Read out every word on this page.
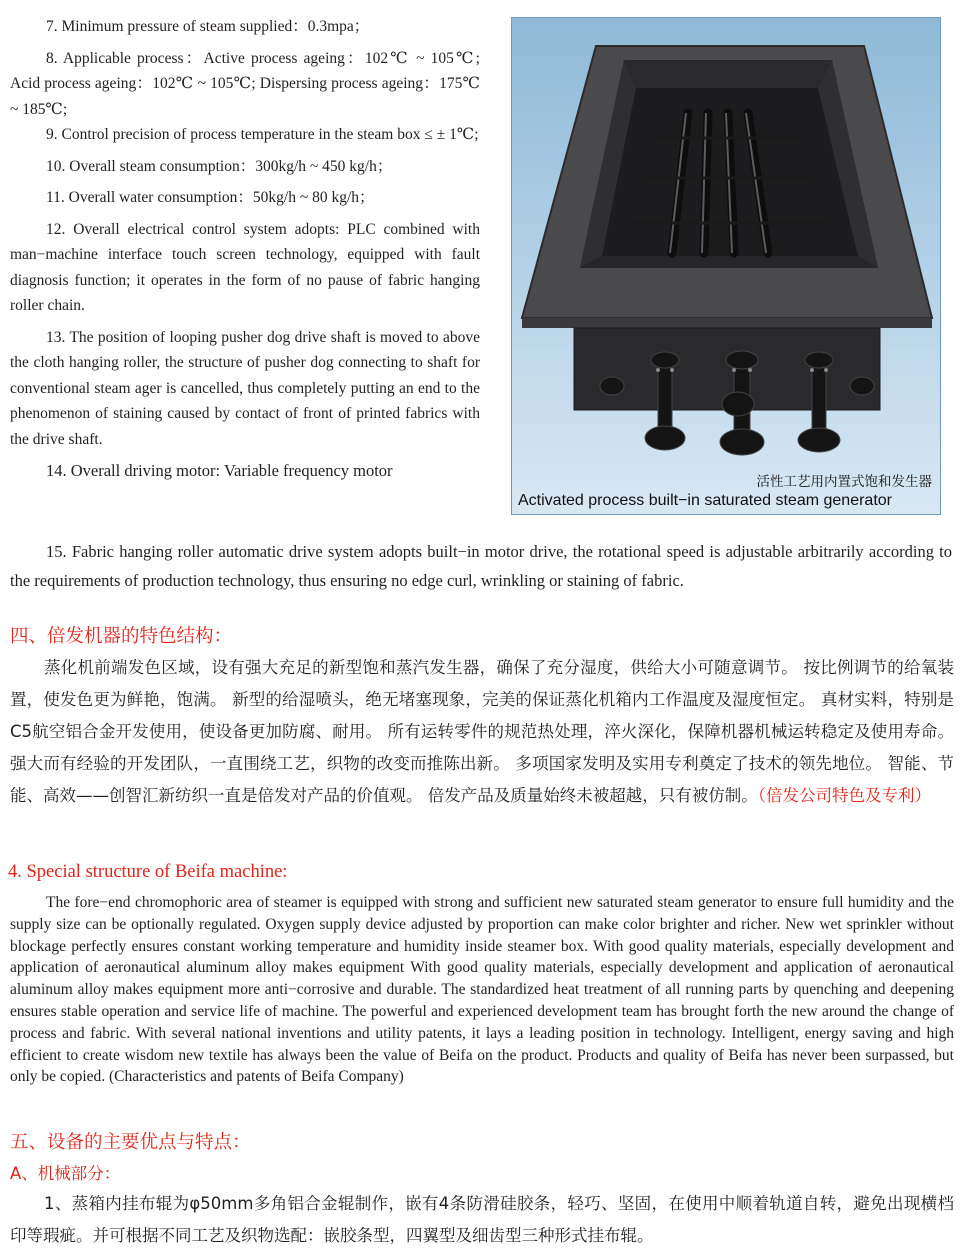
7. Minimum pressure of steam supplied：0.3mpa；

8. Applicable process：Active process ageing：102℃ ~ 105℃; Acid process ageing：102℃ ~ 105℃; Dispersing process ageing：175℃ ~ 185℃;

9. Control precision of process temperature in the steam box ≤ ± 1℃;

10. Overall steam consumption：300kg/h ~ 450 kg/h；

11. Overall water consumption：50kg/h ~ 80 kg/h；

12. Overall electrical control system adopts: PLC combined with man−machine interface touch screen technology, equipped with fault diagnosis function; it operates in the form of no pause of fabric hanging roller chain.

13. The position of looping pusher dog drive shaft is moved to above the cloth hanging roller, the structure of pusher dog connecting to shaft for conventional steam ager is cancelled, thus completely putting an end to the phenomenon of staining caused by contact of front of printed fabrics with the drive shaft.

14. Overall driving motor: Variable frequency motor

15. Fabric hanging roller automatic drive system adopts built−in motor drive, the rotational speed is adjustable arbitrarily according to the requirements of production technology, thus ensuring no edge curl, wrinkling or staining of fabric.

活性工艺用内置式饱和发生器
Activated process built−in saturated steam generator
四、倍发机器的特色结构：

蒸化机前端发色区域，设有强大充足的新型饱和蒸汽发生器，确保了充分湿度，供给大小可随意调节。 按比例调节的给氧装置，使发色更为鲜艳，饱满。 新型的给湿喷头，绝无堵塞现象，完美的保证蒸化机箱内工作温度及湿度恒定。 真材实料，特别是C5航空铝合金开发使用，使设备更加防腐、耐用。 所有运转零件的规范热处理，淬火深化，保障机器机械运转稳定及使用寿命。 强大而有经验的开发团队，一直围绕工艺，织物的改变而推陈出新。 多项国家发明及实用专利奠定了技术的领先地位。 智能、节能、高效——创智汇新纺织一直是倍发对产品的价值观。 倍发产品及质量始终未被超越，只有被仿制。（倍发公司特色及专利）

4. Special structure of Beifa machine:

The fore−end chromophoric area of steamer is equipped with strong and sufficient new saturated steam generator to ensure full humidity and the supply size can be optionally regulated. Oxygen supply device adjusted by proportion can make color brighter and richer. New wet sprinkler without blockage perfectly ensures constant working temperature and humidity inside steamer box. With good quality materials, especially development and application of aeronautical aluminum alloy makes equipment With good quality materials, especially development and application of aeronautical aluminum alloy makes equipment more anti−corrosive and durable. The standardized heat treatment of all running parts by quenching and deepening ensures stable operation and service life of machine. The powerful and experienced development team has brought forth the new around the change of process and fabric. With several national inventions and utility patents, it lays a leading position in technology. Intelligent, energy saving and high efficient to create wisdom new textile has always been the value of Beifa on the product. Products and quality of Beifa has never been surpassed, but only be copied. (Characteristics and patents of Beifa Company)

五、设备的主要优点与特点：
A、机械部分：

1、蒸箱内挂布辊为φ50mm多角铝合金辊制作，嵌有4条防滑硅胶条，轻巧、坚固，在使用中顺着轨道自转，避免出现横档印等瑕疵。并可根据不同工艺及织物选配：嵌胶条型，四翼型及细齿型三种形式挂布辊。
